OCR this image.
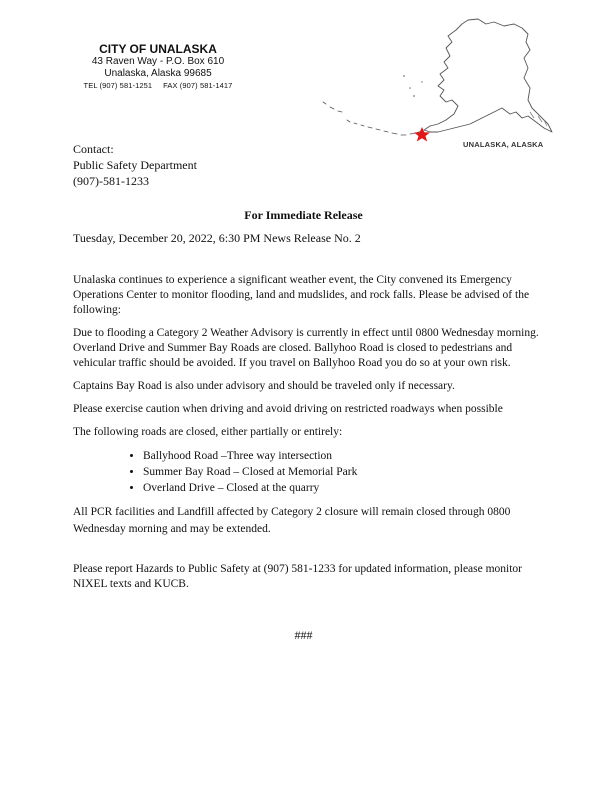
CITY OF UNALASKA
43 Raven Way - P.O. Box 610
Unalaska, Alaska 99685
TEL (907) 581-1251     FAX (907) 581-1417
UNALASKA, ALASKA
Contact:
Public Safety Department
(907)-581-1233
For Immediate Release
Tuesday, December 20, 2022, 6:30 PM News Release No. 2

Unalaska continues to experience a significant weather event, the City convened its Emergency Operations Center to monitor flooding, land and mudslides, and rock falls. Please be advised of the following:

Due to flooding a Category 2 Weather Advisory is currently in effect until 0800 Wednesday morning. Overland Drive and Summer Bay Roads are closed. Ballyhoo Road is closed to pedestrians and vehicular traffic should be avoided. If you travel on Ballyhoo Road you do so at your own risk.

Captains Bay Road is also under advisory and should be traveled only if necessary.

Please exercise caution when driving and avoid driving on restricted roadways when possible

The following roads are closed, either partially or entirely:

• Ballyhood Road –Three way intersection
• Summer Bay Road – Closed at Memorial Park
• Overland Drive – Closed at the quarry

All PCR facilities and Landfill affected by Category 2 closure will remain closed through 0800 Wednesday morning and may be extended.

Please report Hazards to Public Safety at (907) 581-1233 for updated information, please monitor NIXEL texts and KUCB.

###
